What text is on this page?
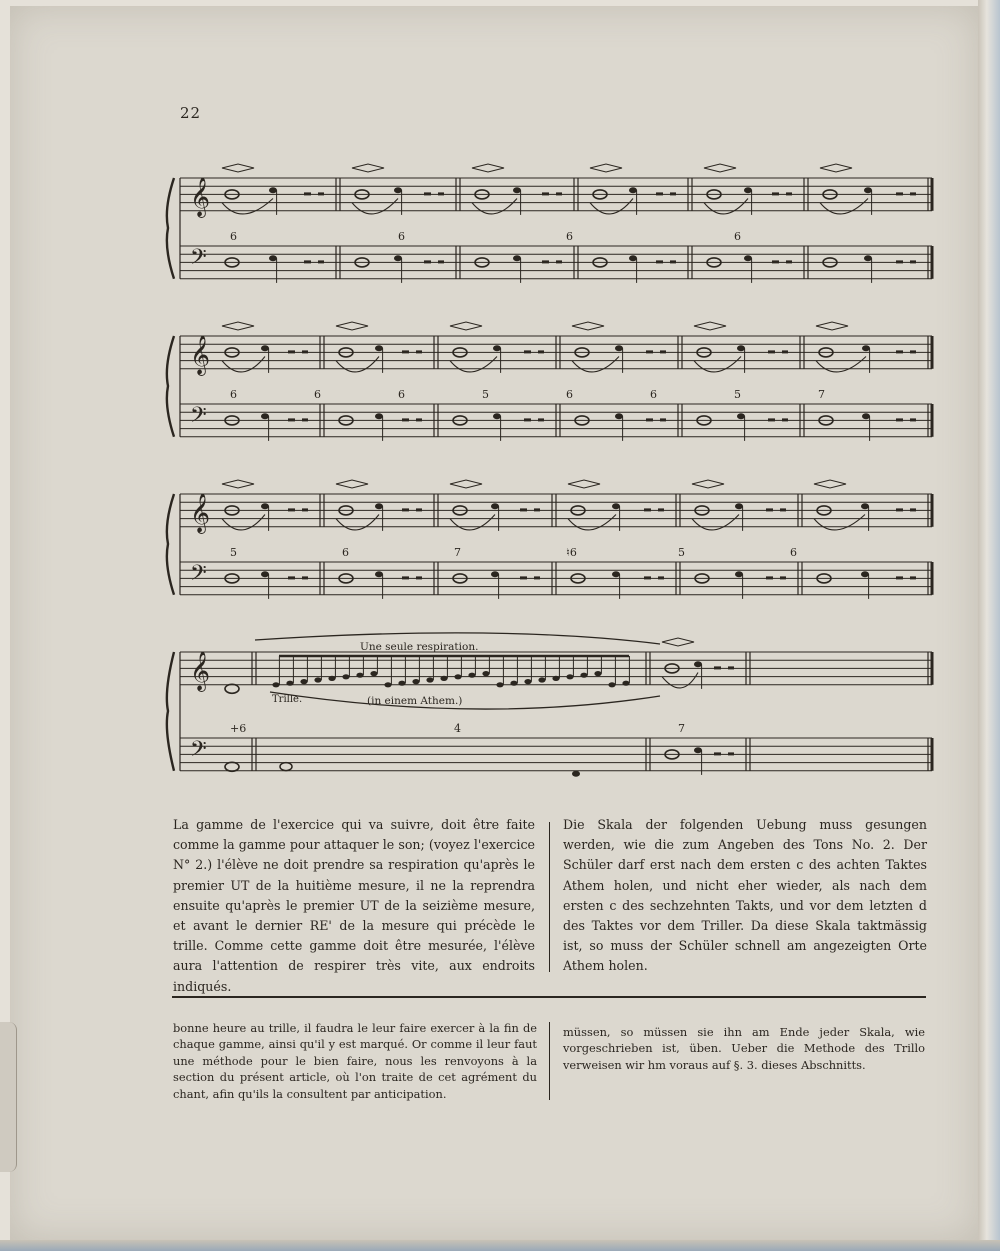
22
𝄞
𝄢
𝄞
𝄢
𝄞
𝄢
𝄞
𝄢
6	6	6	6
6	6	6	5	6	6	5	7
5	6	7	♮6	5	6
+6	4	7
Une seule respiration.
(in einem Athem.)
Trille.

La gamme de l'exercice qui va suivre, doit être faite comme la gamme pour attaquer le son; (voyez l'exercice N° 2.) l'élève ne doit prendre sa respiration qu'après le premier UT de la huitième mesure, il ne la reprendra ensuite qu'après le premier UT de la seizième mesure, et avant le dernier RE' de la mesure qui précède le trille. Comme cette gamme doit être mesurée, l'élève aura l'attention de respirer très vite, aux endroits indiqués.

Die Skala der folgenden Uebung muss gesungen werden, wie die zum Angeben des Tons No. 2. Der Schüler darf erst nach dem ersten c des achten Taktes Athem holen, und nicht eher wieder, als nach dem ersten c des sechzehnten Takts, und vor dem letzten d des Taktes vor dem Triller. Da diese Skala taktmässig ist, so muss der Schüler schnell am angezeigten Orte Athem holen.

bonne heure au trille, il faudra le leur faire exercer à la fin de chaque gamme, ainsi qu'il y est marqué. Or comme il leur faut une méthode pour le bien faire, nous les renvoyons à la section du présent article, où l'on traite de cet agrément du chant, afin qu'ils la consultent par anticipation.

müssen, so müssen sie ihn am Ende jeder Skala, wie vorgeschrieben ist, üben. Ueber die Methode des Trillo verweisen wir hm voraus auf §. 3. dieses Abschnitts.
